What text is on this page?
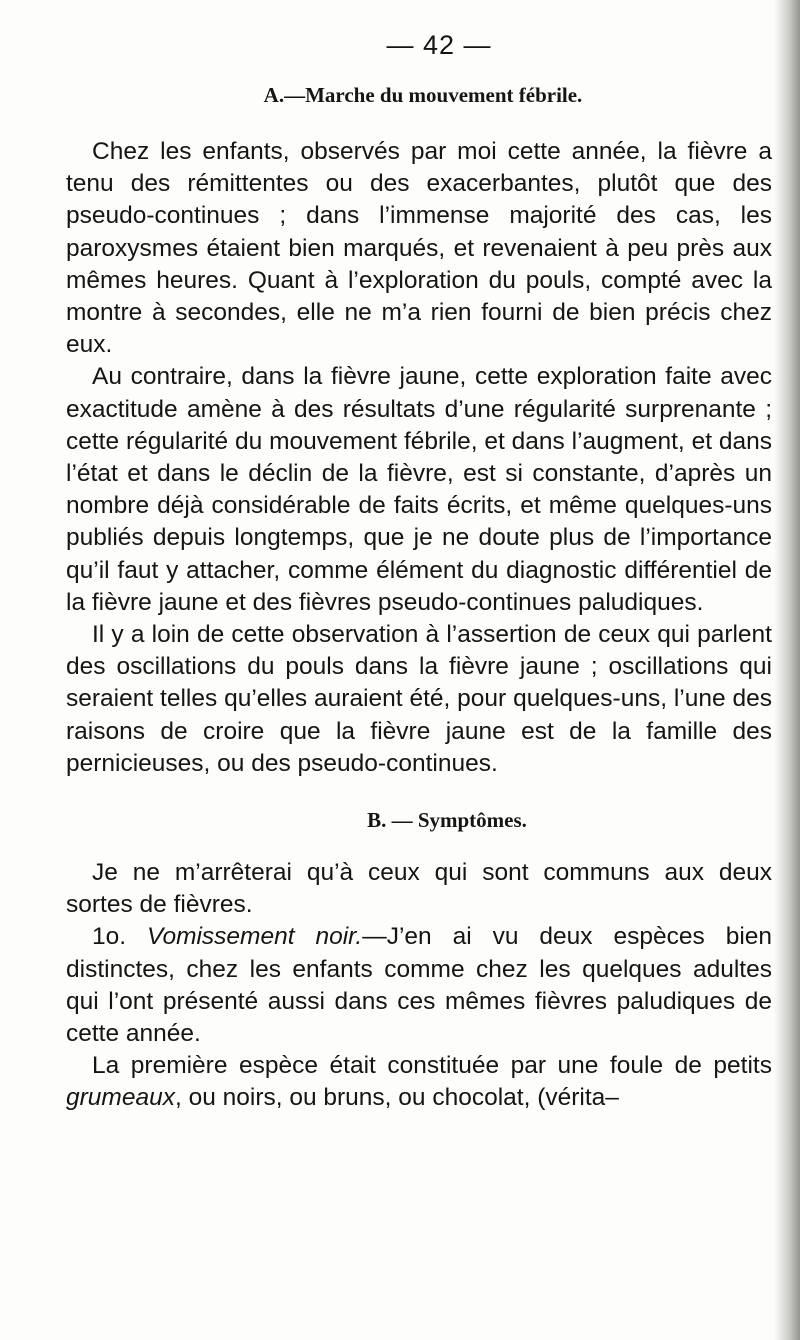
— 42 —
A.—Marche du mouvement fébrile.

Chez les enfants, observés par moi cette année, la fièvre a tenu des rémittentes ou des exacerbantes, plutôt que des pseudo-continues ; dans l’immense majorité des cas, les paroxysmes étaient bien marqués, et revenaient à peu près aux mêmes heures. Quant à l’exploration du pouls, compté avec la montre à secondes, elle ne m’a rien fourni de bien précis chez eux.

Au contraire, dans la fièvre jaune, cette exploration faite avec exactitude amène à des résultats d’une régularité surprenante ; cette régularité du mouvement fébrile, et dans l’augment, et dans l’état et dans le déclin de la fièvre, est si constante, d’après un nombre déjà considérable de faits écrits, et même quelques-uns publiés depuis longtemps, que je ne doute plus de l’importance qu’il faut y attacher, comme élément du diagnostic différentiel de la fièvre jaune et des fièvres pseudo-continues paludiques.

Il y a loin de cette observation à l’assertion de ceux qui parlent des oscillations du pouls dans la fièvre jaune ; oscillations qui seraient telles qu’elles auraient été, pour quelques-uns, l’une des raisons de croire que la fièvre jaune est de la famille des pernicieuses, ou des pseudo-continues.

B. — Symptômes.

Je ne m’arrêterai qu’à ceux qui sont communs aux deux sortes de fièvres.

1o. Vomissement noir.—J’en ai vu deux espèces bien distinctes, chez les enfants comme chez les quelques adultes qui l’ont présenté aussi dans ces mêmes fièvres paludiques de cette année.

La première espèce était constituée par une foule de petits grumeaux, ou noirs, ou bruns, ou chocolat, (vérita–
